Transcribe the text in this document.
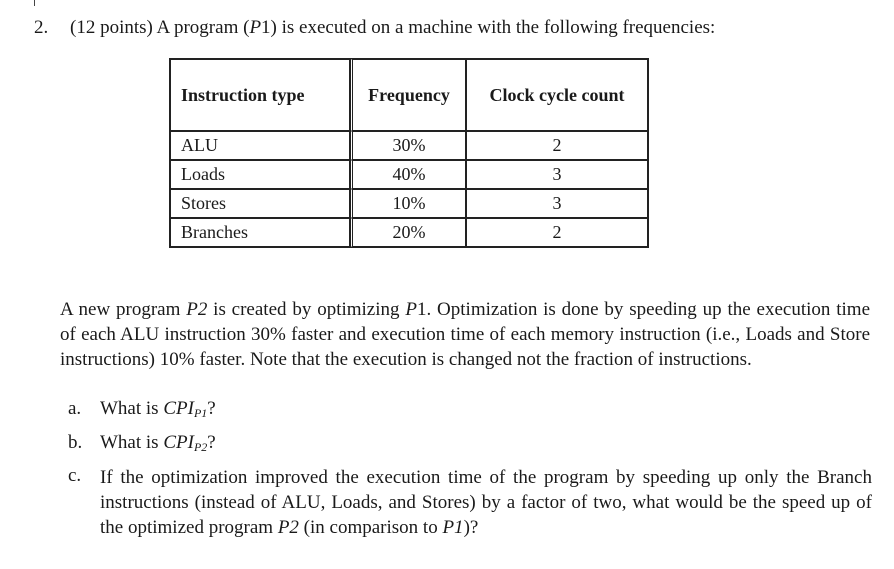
2. (12 points) A program (P1) is executed on a machine with the following frequencies:
Instruction type	Frequency	Clock cycle count
ALU	30%	2
Loads	40%	3
Stores	10%	3
Branches	20%	2
A new program P2 is created by optimizing P1. Optimization is done by speeding up the execution time of each ALU instruction 30% faster and execution time of each memory instruction (i.e., Loads and Store instructions) 10% faster. Note that the execution is changed not the fraction of instructions.
a. What is CPIP1?
b. What is CPIP2?
c. If the optimization improved the execution time of the program by speeding up only the Branch instructions (instead of ALU, Loads, and Stores) by a factor of two, what would be the speed up of the optimized program P2 (in comparison to P1)?
